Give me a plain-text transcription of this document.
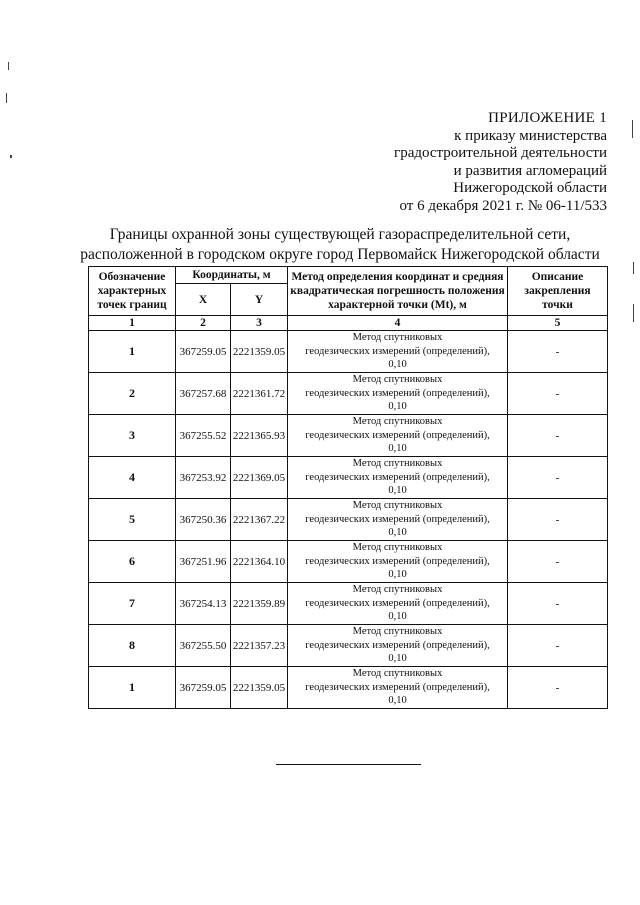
ПРИЛОЖЕНИЕ 1
к приказу министерства
градостроительной деятельности
и развития агломераций
Нижегородской области
от 6 декабря 2021 г. № 06-11/533
Границы охранной зоны существующей газораспределительной сети,
расположенной в городском округе город Первомайск Нижегородской области
Обозначение характерных точек границ	Координаты, м		Метод определения координат и средняя квадратическая погрешность положения характерной точки (Mt), м	Описание закрепления точки
	X	Y		
1	2	3	4	5
1	367259.05	2221359.05	Метод спутниковых
геодезических измерений (определений),
0,10	-
2	367257.68	2221361.72	Метод спутниковых
геодезических измерений (определений),
0,10	-
3	367255.52	2221365.93	Метод спутниковых
геодезических измерений (определений),
0,10	-
4	367253.92	2221369.05	Метод спутниковых
геодезических измерений (определений),
0,10	-
5	367250.36	2221367.22	Метод спутниковых
геодезических измерений (определений),
0,10	-
6	367251.96	2221364.10	Метод спутниковых
геодезических измерений (определений),
0,10	-
7	367254.13	2221359.89	Метод спутниковых
геодезических измерений (определений),
0,10	-
8	367255.50	2221357.23	Метод спутниковых
геодезических измерений (определений),
0,10	-
1	367259.05	2221359.05	Метод спутниковых
геодезических измерений (определений),
0,10	-
